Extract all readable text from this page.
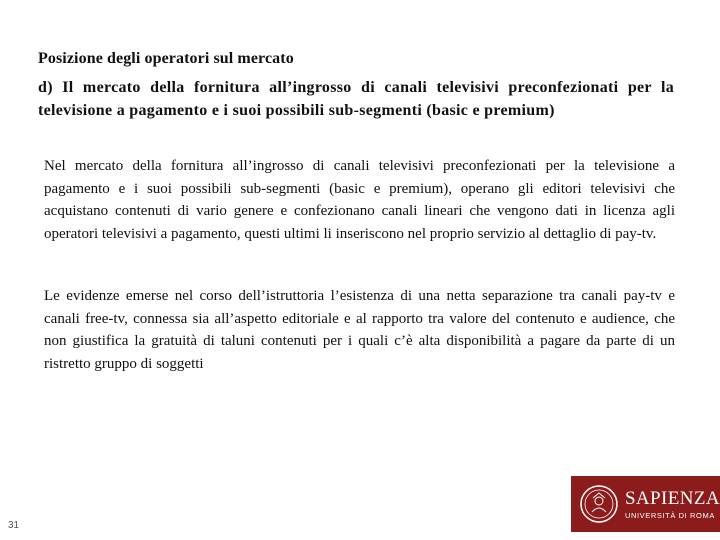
Posizione degli operatori sul mercato
d) Il mercato della fornitura all’ingrosso di canali televisivi preconfezionati per la televisione a pagamento e i suoi possibili sub-segmenti (basic e premium)
Nel mercato della fornitura all’ingrosso di canali televisivi preconfezionati per la televisione a pagamento e i suoi possibili sub-segmenti (basic e premium), operano gli editori televisivi che acquistano contenuti di vario genere e confezionano canali lineari che vengono dati in licenza agli operatori televisivi a pagamento, questi ultimi li inseriscono nel proprio servizio al dettaglio di pay-tv.
Le evidenze emerse nel corso dell’istruttoria l’esistenza di una netta separazione tra canali pay-tv e canali free-tv, connessa sia all’aspetto editoriale e al rapporto tra valore del contenuto e audience, che non giustifica la gratuità di taluni contenuti per i quali c’è alta disponibilità a pagare da parte di un ristretto gruppo di soggetti
31
SAPIENZA
UNIVERSITÀ DI ROMA
